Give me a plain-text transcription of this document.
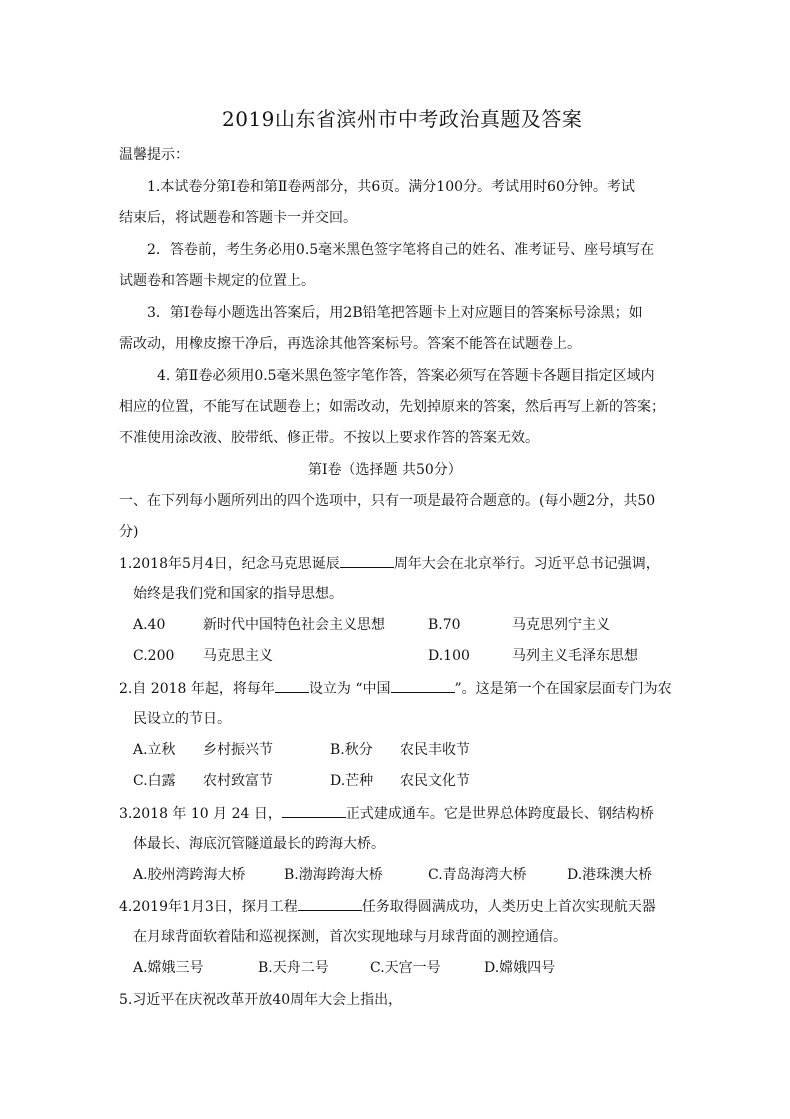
2019山东省滨州市中考政治真题及答案
温馨提示：
1.本试卷分第Ⅰ卷和第Ⅱ卷两部分，共6页。满分100分。考试用时60分钟。考试
结束后，将试题卷和答题卡一并交回。
2．答卷前，考生务必用0.5毫米黑色签字笔将自己的姓名、准考证号、座号填写在
试题卷和答题卡规定的位置上。
3．第Ⅰ卷每小题选出答案后，用2B铅笔把答题卡上对应题目的答案标号涂黑；如
需改动，用橡皮擦干净后，再选涂其他答案标号。答案不能答在试题卷上。
4. 第Ⅱ卷必须用0.5毫米黑色签字笔作答，答案必须写在答题卡各题目指定区域内
相应的位置，不能写在试题卷上；如需改动，先划掉原来的答案，然后再写上新的答案；
不准使用涂改液、胶带纸、修正带。不按以上要求作答的答案无效。
第Ⅰ卷（选择题 共50分）
一、在下列每小题所列出的四个选项中，只有一项是最符合题意的。(每小题2分，共50
分)
1.2018年5月4日，纪念马克思诞辰	周年大会在北京举行。习近平总书记强调，
始终是我们党和国家的指导思想。
A.40	新时代中国特色社会主义思想	B.70	马克思列宁主义
C.200 马克思主义	D.100	马列主义毛泽东思想
2.自 2018 年起，将每年 设立为 “中国	”。这是第一个在国家层面专门为农
民设立的节日。
A.立秋 乡村振兴节	B.秋分 农民丰收节
C.白露 农村致富节	D.芒种 农民文化节
3.2018 年 10 月 24 日，	正式建成通车。它是世界总体跨度最长、钢结构桥
体最长、海底沉管隧道最长的跨海大桥。
A.胶州湾跨海大桥	B.渤海跨海大桥	C.青岛海湾大桥	D.港珠澳大桥
4.2019年1月3日，探月工程	任务取得圆满成功，人类历史上首次实现航天器
在月球背面软着陆和巡视探测，首次实现地球与月球背面的测控通信。
A.嫦娥三号	B.天舟二号	C.天宫一号	D.嫦娥四号
5.习近平在庆祝改革开放40周年大会上指出，
